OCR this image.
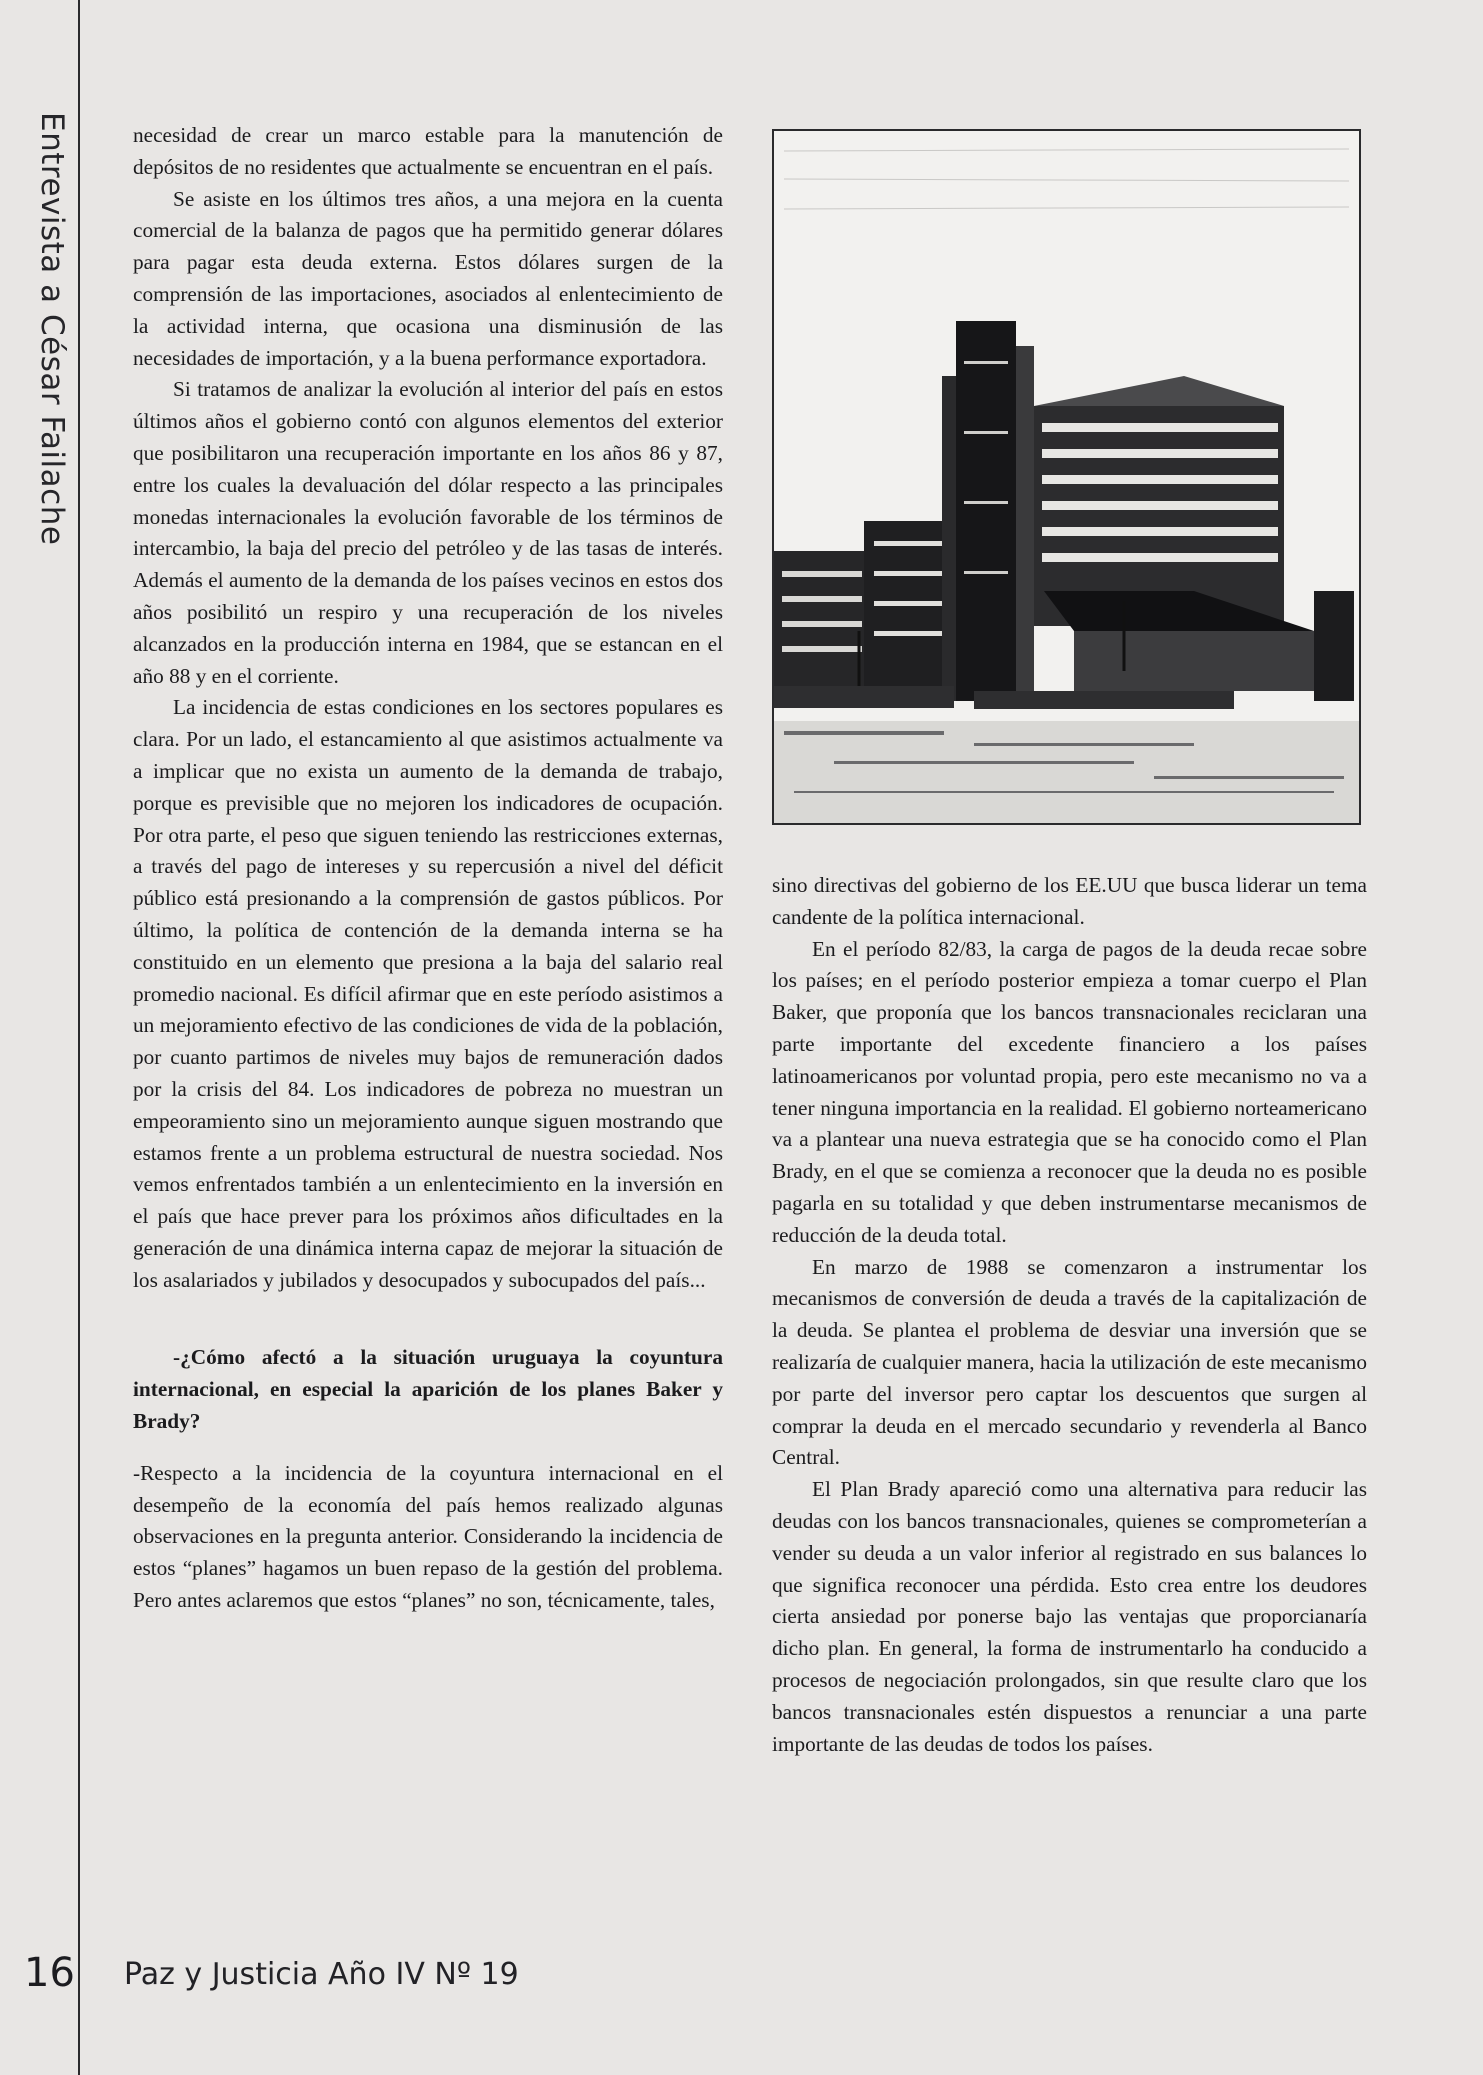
Entrevista a César Failache	necesidad de crear un marco estable para la manutención de depósitos de no residentes que actualmente se encuentran en el país.

Se asiste en los últimos tres años, a una mejora en la cuenta comercial de la balanza de pagos que ha permitido generar dólares para pagar esta deuda externa. Estos dólares surgen de la comprensión de las importaciones, asociados al enlentecimiento de la actividad interna, que ocasiona una disminusión de las necesidades de importación, y a la buena performance exportadora.

Si tratamos de analizar la evolución al interior del país en estos últimos años el gobierno contó con algunos elementos del exterior que posibilitaron una recuperación importante en los años 86 y 87, entre los cuales la devaluación del dólar respecto a las principales monedas internacionales la evolución favorable de los términos de intercambio, la baja del precio del petróleo y de las tasas de interés. Además el aumento de la demanda de los países vecinos en estos dos años posibilitó un respiro y una recuperación de los niveles alcanzados en la producción interna en 1984, que se estancan en el año 88 y en el corriente.

La incidencia de estas condiciones en los sectores populares es clara. Por un lado, el estancamiento al que asistimos actualmente va a implicar que no exista un aumento de la demanda de trabajo, porque es previsible que no mejoren los indicadores de ocupación. Por otra parte, el peso que siguen teniendo las restricciones externas, a través del pago de intereses y su repercusión a nivel del déficit público está presionando a la comprensión de gastos públicos. Por último, la política de contención de la demanda interna se ha constituido en un elemento que presiona a la baja del salario real promedio nacional. Es difícil afirmar que en este período asistimos a un mejoramiento efectivo de las condiciones de vida de la población, por cuanto partimos de niveles muy bajos de remuneración dados por la crisis del 84. Los indicadores de pobreza no muestran un empeoramiento sino un mejoramiento aunque siguen mostrando que estamos frente a un problema estructural de nuestra sociedad. Nos vemos enfrentados también a un enlentecimiento en la inversión en el país que hace prever para los próximos años dificultades en la generación de una dinámica interna capaz de mejorar la situación de los asalariados y jubilados y desocupados y subocupados del país...

-¿Cómo afectó a la situación uruguaya la coyuntura internacional, en especial la aparición de los planes Baker y Brady?

-Respecto a la incidencia de la coyuntura internacional en el desempeño de la economía del país hemos realizado algunas observaciones en la pregunta anterior. Considerando la incidencia de estos “planes” hagamos un buen repaso de la gestión del problema. Pero antes aclaremos que estos “planes” no son, técnicamente, tales,

sino directivas del gobierno de los EE.UU que busca liderar un tema candente de la política internacional.

En el período 82/83, la carga de pagos de la deuda recae sobre los países; en el período posterior empieza a tomar cuerpo el Plan Baker, que proponía que los bancos transnacionales reciclaran una parte importante del excedente financiero a los países latinoamericanos por voluntad propia, pero este mecanismo no va a tener ninguna importancia en la realidad. El gobierno norteamericano va a plantear una nueva estrategia que se ha conocido como el Plan Brady, en el que se comienza a reconocer que la deuda no es posible pagarla en su totalidad y que deben instrumentarse mecanismos de reducción de la deuda total.

En marzo de 1988 se comenzaron a instrumentar los mecanismos de conversión de deuda a través de la capitalización de la deuda. Se plantea el problema de desviar una inversión que se realizaría de cualquier manera, hacia la utilización de este mecanismo por parte del inversor pero captar los descuentos que surgen al comprar la deuda en el mercado secundario y revenderla al Banco Central.

El Plan Brady apareció como una alternativa para reducir las deudas con los bancos transnacionales, quienes se comprometerían a vender su deuda a un valor inferior al registrado en sus balances lo que significa reconocer una pérdida. Esto crea entre los deudores cierta ansiedad por ponerse bajo las ventajas que proporcianaría dicho plan. En general, la forma de instrumentarlo ha conducido a procesos de negociación prolongados, sin que resulte claro que los bancos transnacionales estén dispuestos a renunciar a una parte importante de las deudas de todos los países.

16 Paz y Justicia Año IV Nº 19
